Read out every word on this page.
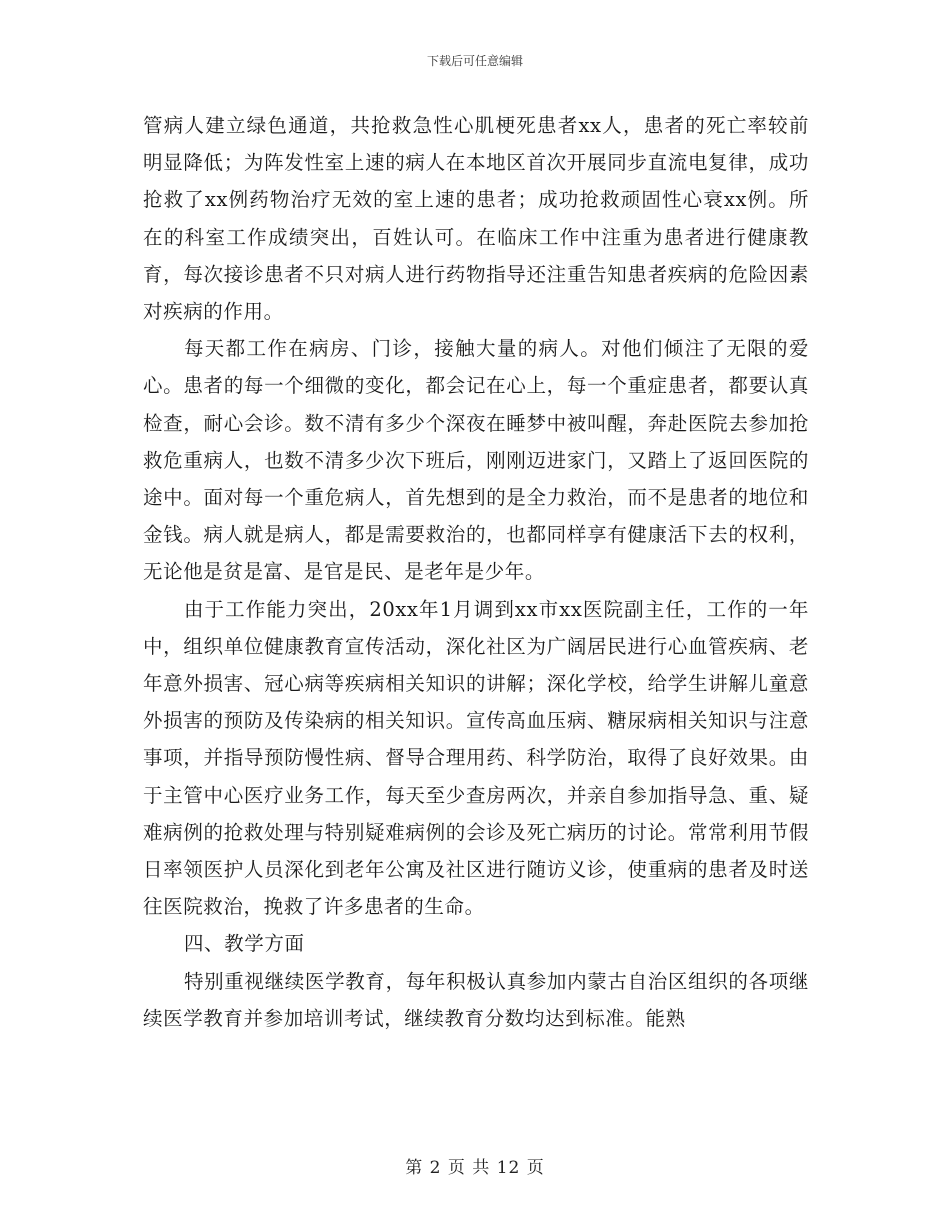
下载后可任意编辑

管病人建立绿色通道，共抢救急性心肌梗死患者xx人，患者的死亡率较前明显降低；为阵发性室上速的病人在本地区首次开展同步直流电复律，成功抢救了xx例药物治疗无效的室上速的患者；成功抢救顽固性心衰xx例。所在的科室工作成绩突出，百姓认可。在临床工作中注重为患者进行健康教育，每次接诊患者不只对病人进行药物指导还注重告知患者疾病的危险因素对疾病的作用。

每天都工作在病房、门诊，接触大量的病人。对他们倾注了无限的爱心。患者的每一个细微的变化，都会记在心上，每一个重症患者，都要认真检查，耐心会诊。数不清有多少个深夜在睡梦中被叫醒，奔赴医院去参加抢救危重病人，也数不清多少次下班后，刚刚迈进家门，又踏上了返回医院的途中。面对每一个重危病人，首先想到的是全力救治，而不是患者的地位和金钱。病人就是病人，都是需要救治的，也都同样享有健康活下去的权利，无论他是贫是富、是官是民、是老年是少年。

由于工作能力突出，20xx年1月调到xx市xx医院副主任，工作的一年中，组织单位健康教育宣传活动，深化社区为广阔居民进行心血管疾病、老年意外损害、冠心病等疾病相关知识的讲解；深化学校，给学生讲解儿童意外损害的预防及传染病的相关知识。宣传高血压病、糖尿病相关知识与注意事项，并指导预防慢性病、督导合理用药、科学防治，取得了良好效果。由于主管中心医疗业务工作，每天至少查房两次，并亲自参加指导急、重、疑难病例的抢救处理与特别疑难病例的会诊及死亡病历的讨论。常常利用节假日率领医护人员深化到老年公寓及社区进行随访义诊，使重病的患者及时送往医院救治，挽救了许多患者的生命。

四、教学方面

特别重视继续医学教育，每年积极认真参加内蒙古自治区组织的各项继续医学教育并参加培训考试，继续教育分数均达到标准。能熟

第 2 页 共 12 页
